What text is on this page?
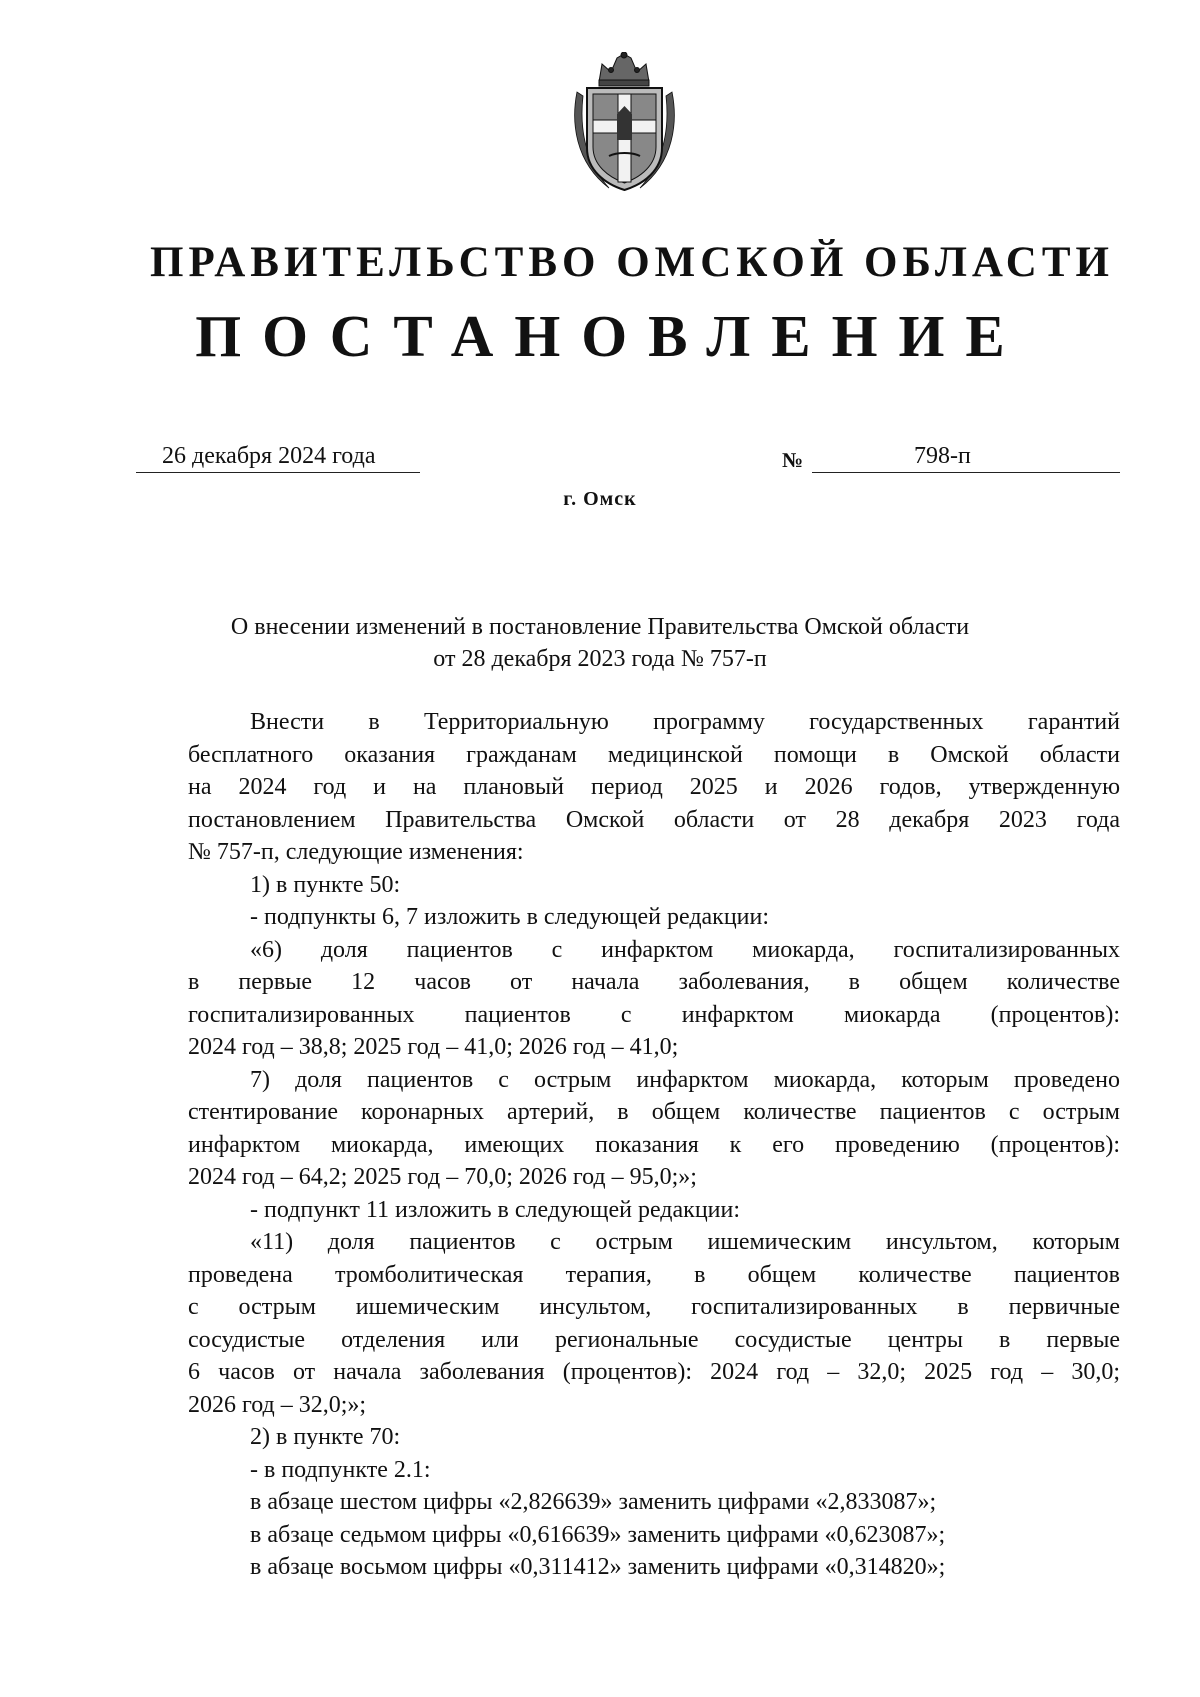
ПРАВИТЕЛЬСТВО ОМСКОЙ ОБЛАСТИ
ПОСТАНОВЛЕНИЕ
26 декабря 2024 года	№	798-п
г. Омск
О внесении изменений в постановление Правительства Омской области
от 28 декабря 2023 года № 757-п
Внести в Территориальную программу государственных гарантий
бесплатного оказания гражданам медицинской помощи в Омской области
на 2024 год и на плановый период 2025 и 2026 годов, утвержденную
постановлением Правительства Омской области от 28 декабря 2023 года
№ 757-п, следующие изменения:
1) в пункте 50:
- подпункты 6, 7 изложить в следующей редакции:
«6) доля пациентов с инфарктом миокарда, госпитализированных
в первые 12 часов от начала заболевания, в общем количестве
госпитализированных пациентов с инфарктом миокарда (процентов):
2024 год – 38,8; 2025 год – 41,0; 2026 год – 41,0;
7) доля пациентов с острым инфарктом миокарда, которым проведено
стентирование коронарных артерий, в общем количестве пациентов с острым
инфарктом миокарда, имеющих показания к его проведению (процентов):
2024 год – 64,2; 2025 год – 70,0; 2026 год – 95,0;»;
- подпункт 11 изложить в следующей редакции:
«11) доля пациентов с острым ишемическим инсультом, которым
проведена тромболитическая терапия, в общем количестве пациентов
с острым ишемическим инсультом, госпитализированных в первичные
сосудистые отделения или региональные сосудистые центры в первые
6 часов от начала заболевания (процентов): 2024 год – 32,0; 2025 год – 30,0;
2026 год – 32,0;»;
2) в пункте 70:
- в подпункте 2.1:
в абзаце шестом цифры «2,826639» заменить цифрами «2,833087»;
в абзаце седьмом цифры «0,616639» заменить цифрами «0,623087»;
в абзаце восьмом цифры «0,311412» заменить цифрами «0,314820»;
